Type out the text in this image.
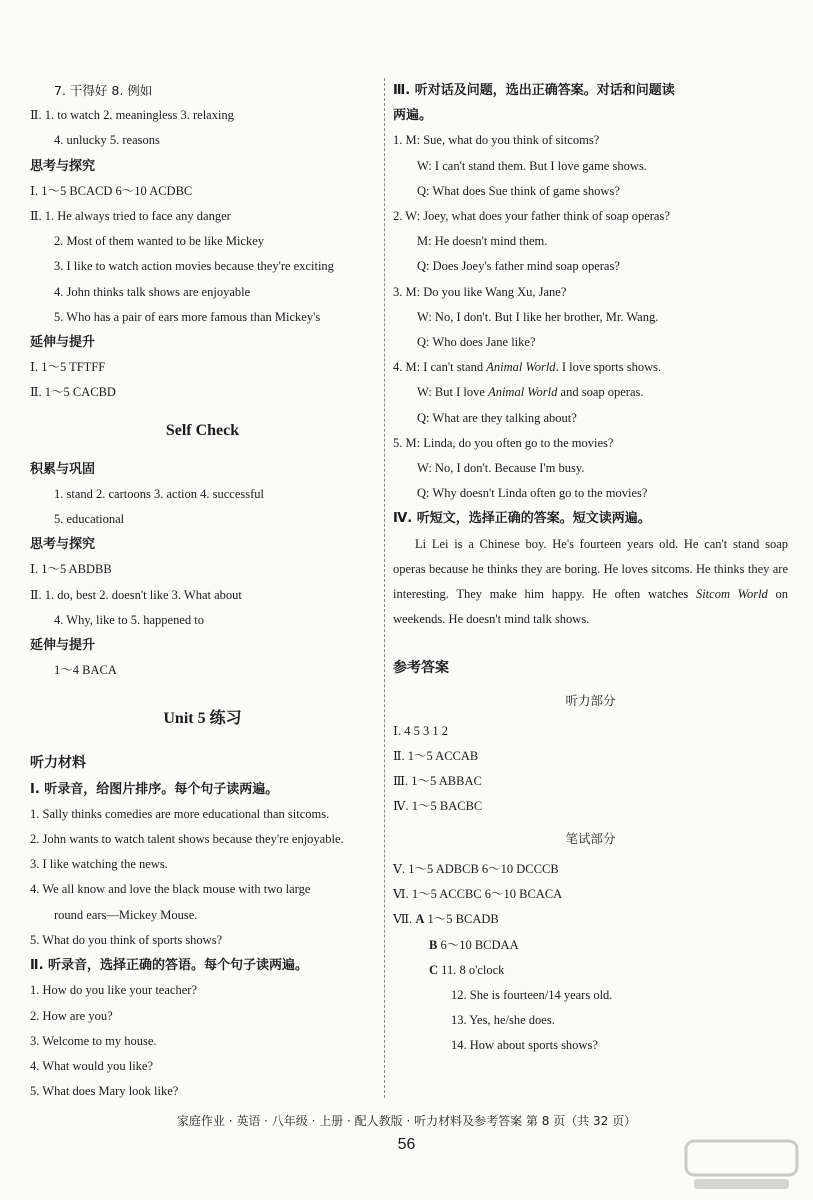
7. 干得好 8. 例如
Ⅱ. 1. to watch 2. meaningless 3. relaxing
4. unlucky 5. reasons
思考与探究
Ⅰ. 1～5 BCACD 6～10 ACDBC
Ⅱ. 1. He always tried to face any danger
2. Most of them wanted to be like Mickey
3. I like to watch action movies because they're exciting
4. John thinks talk shows are enjoyable
5. Who has a pair of ears more famous than Mickey's
延伸与提升
Ⅰ. 1～5 TFTFF
Ⅱ. 1～5 CACBD
Self Check
积累与巩固
1. stand 2. cartoons 3. action 4. successful
5. educational
思考与探究
Ⅰ. 1～5 ABDBB
Ⅱ. 1. do, best 2. doesn't like 3. What about
4. Why, like to 5. happened to
延伸与提升
1～4 BACA
Unit 5 练习
听力材料
Ⅰ. 听录音，给图片排序。每个句子读两遍。
1. Sally thinks comedies are more educational than sitcoms.
2. John wants to watch talent shows because they're enjoyable.
3. I like watching the news.
4. We all know and love the black mouse with two large
round ears—Mickey Mouse.
5. What do you think of sports shows?
Ⅱ. 听录音，选择正确的答语。每个句子读两遍。
1. How do you like your teacher?
2. How are you?
3. Welcome to my house.
4. What would you like?
5. What does Mary look like?
Ⅲ. 听对话及问题，选出正确答案。对话和问题读
两遍。
1. M: Sue, what do you think of sitcoms?
W: I can't stand them. But I love game shows.
Q: What does Sue think of game shows?
2. W: Joey, what does your father think of soap operas?
M: He doesn't mind them.
Q: Does Joey's father mind soap operas?
3. M: Do you like Wang Xu, Jane?
W: No, I don't. But I like her brother, Mr. Wang.
Q: Who does Jane like?
4. M: I can't stand Animal World. I love sports shows.
W: But I love Animal World and soap operas.
Q: What are they talking about?
5. M: Linda, do you often go to the movies?
W: No, I don't. Because I'm busy.
Q: Why doesn't Linda often go to the movies?
Ⅳ. 听短文，选择正确的答案。短文读两遍。
Li Lei is a Chinese boy. He's fourteen years old. He can't stand soap operas because he thinks they are boring. He loves sitcoms. He thinks they are interesting. They make him happy. He often watches Sitcom World on weekends. He doesn't mind talk shows.
参考答案
听力部分
Ⅰ. 4 5 3 1 2
Ⅱ. 1～5 ACCAB
Ⅲ. 1～5 ABBAC
Ⅳ. 1～5 BACBC
笔试部分
Ⅴ. 1～5 ADBCB 6～10 DCCCB
Ⅵ. 1～5 ACCBC 6～10 BCACA
Ⅶ. A 1～5 BCADB
B 6～10 BCDAA
C 11. 8 o'clock
12. She is fourteen/14 years old.
13. Yes, he/she does.
14. How about sports shows?
家庭作业 · 英语 · 八年级 · 上册 · 配人教版 · 听力材料及参考答案 第 8 页（共 32 页）
56
